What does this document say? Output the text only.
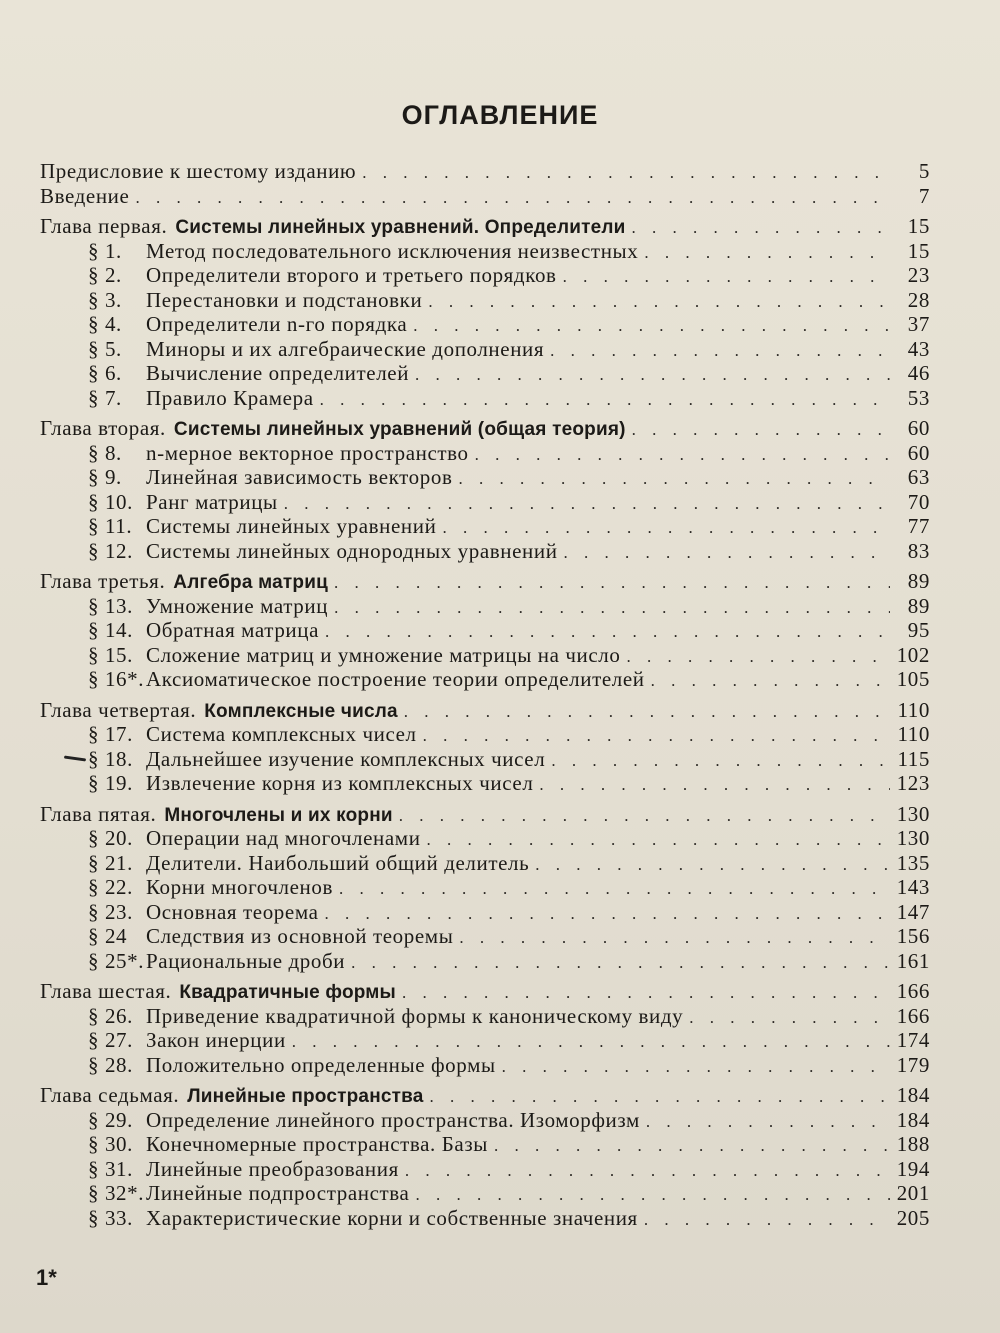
ОГЛАВЛЕНИЕ
Предисловие к шестому изданию . . .	5
Введение . . .	7
Глава первая. Системы линейных уравнений. Определители . . .	15
§ 1.	Метод последовательного исключения неизвестных . . .	15
§ 2.	Определители второго и третьего порядков . . .	23
§ 3.	Перестановки и подстановки . . .	28
§ 4.	Определители n-го порядка . . .	37
§ 5.	Миноры и их алгебраические дополнения . . .	43
§ 6.	Вычисление определителей . . .	46
§ 7.	Правило Крамера . . .	53
Глава вторая. Системы линейных уравнений (общая теория) . . .	60
§ 8.	n-мерное векторное пространство . . .	60
§ 9.	Линейная зависимость векторов . . .	63
§ 10. Ранг матрицы . . .	70
§ 11. Системы линейных уравнений . . .	77
§ 12. Системы линейных однородных уравнений . . .	83
Глава третья. Алгебра матриц . . .	89
§ 13. Умножение матриц . . .	89
§ 14. Обратная матрица . . .	95
§ 15. Сложение матриц и умножение матрицы на число . . .	102
§ 16*. Аксиоматическое построение теории определителей . . .	105
Глава четвертая. Комплексные числа . . .	110
§ 17. Система комплексных чисел . . .	110
§ 18. Дальнейшее изучение комплексных чисел . . .	115
§ 19. Извлечение корня из комплексных чисел . . .	123
Глава пятая. Многочлены и их корни . . .	130
§ 20. Операции над многочленами . . .	130
§ 21. Делители. Наибольший общий делитель . . .	135
§ 22. Корни многочленов . . .	143
§ 23. Основная теорема . . .	147
§ 24 Следствия из основной теоремы . . .	156
§ 25*. Рациональные дроби . . .	161
Глава шестая. Квадратичные формы . . .	166
§ 26. Приведение квадратичной формы к каноническому виду . . .	166
§ 27. Закон инерции . . .	174
§ 28. Положительно определенные формы . . .	179
Глава седьмая. Линейные пространства . . .	184
§ 29. Определение линейного пространства. Изоморфизм . . .	184
§ 30. Конечномерные пространства. Базы . . .	188
§ 31. Линейные преобразования . . .	194
§ 32*. Линейные подпространства . . .	201
§ 33. Характеристические корни и собственные значения . . .	205
1*
